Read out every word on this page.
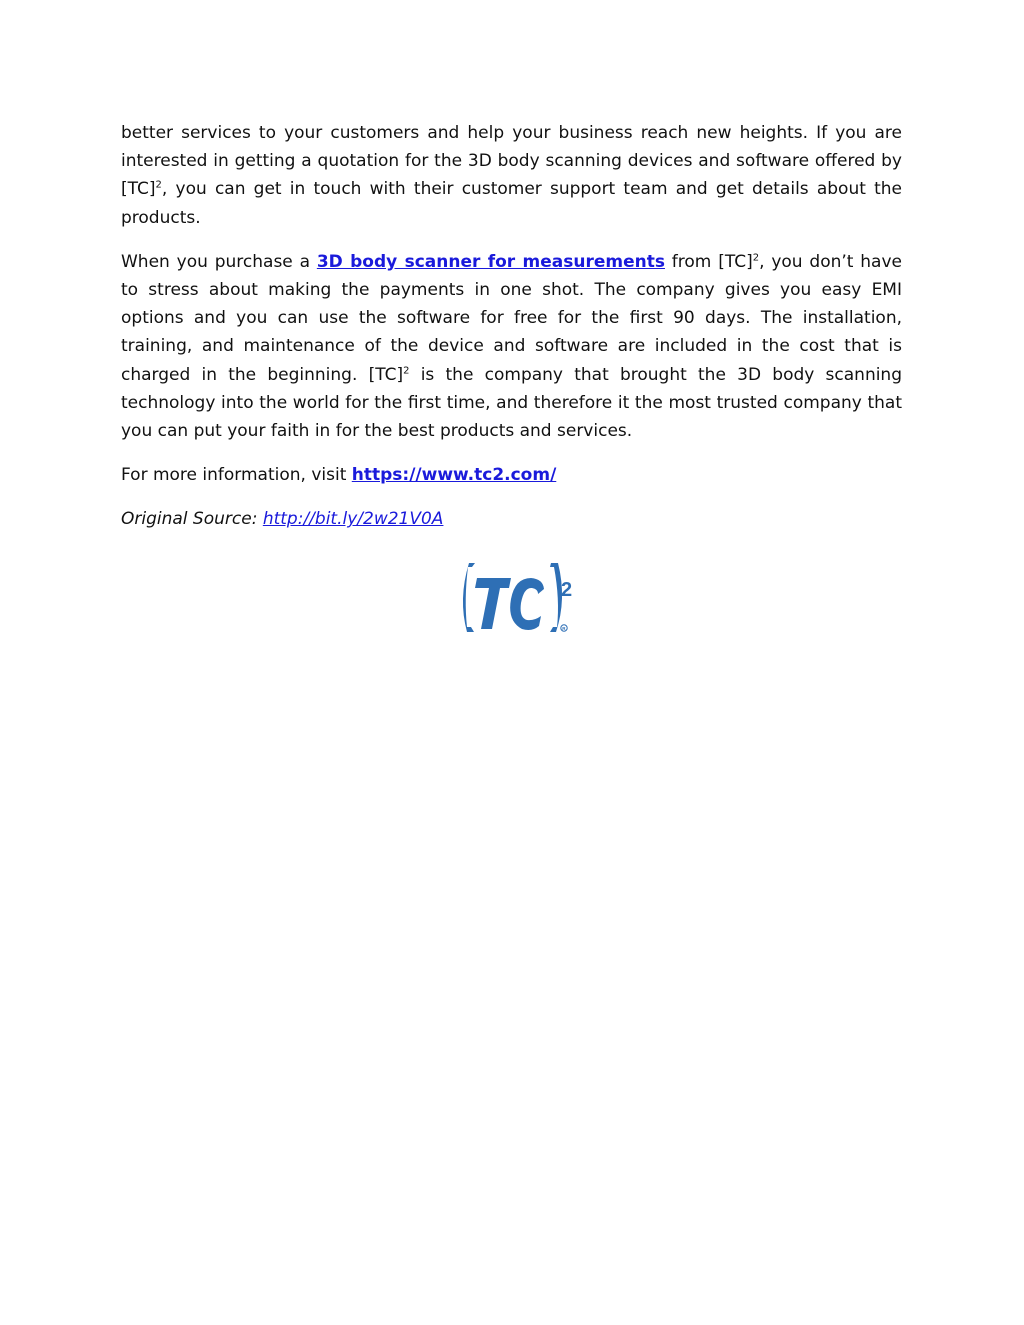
better services to your customers and help your business reach new heights. If you are interested in getting a quotation for the 3D body scanning devices and software offered by [TC]$^2$, you can get in touch with their customer support team and get details about the products.

When you purchase a 3D body scanner for measurements from [TC]$^2$, you don’t have to stress about making the payments in one shot. The company gives you easy EMI options and you can use the software for free for the first 90 days. The installation, training, and maintenance of the device and software are included in the cost that is charged in the beginning. [TC]$^2$ is the company that brought the 3D body scanning technology into the world for the first time, and therefore it the most trusted company that you can put your faith in for the best products and services.

For more information, visit https://www.tc2.com/

Original Source: http://bit.ly/2w21V0A

2
R
